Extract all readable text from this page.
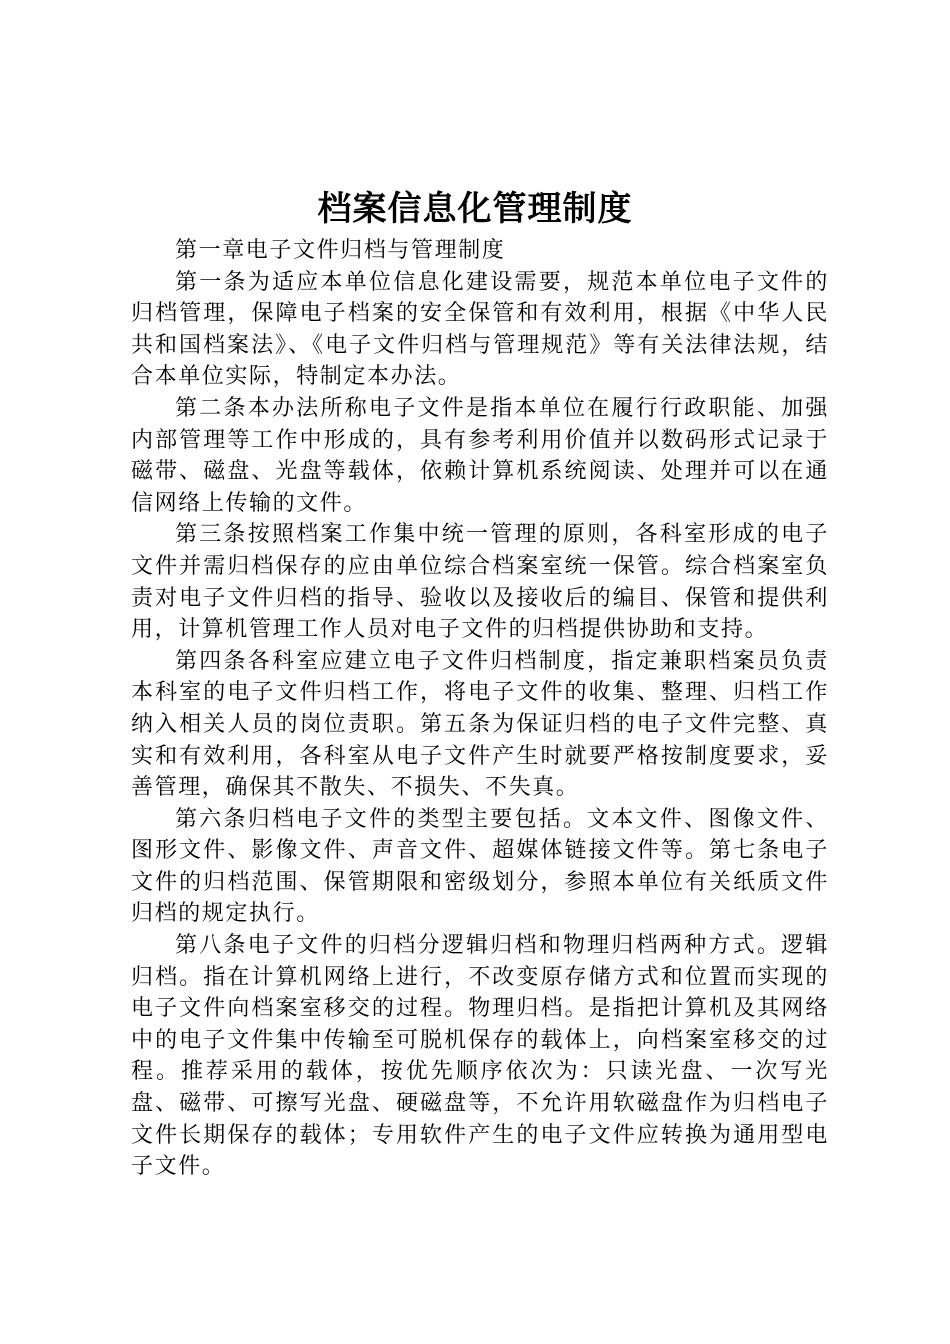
档案信息化管理制度

第一章电子文件归档与管理制度

第一条为适应本单位信息化建设需要，规范本单位电子文件的归档管理，保障电子档案的安全保管和有效利用，根据《中华人民共和国档案法》、《电子文件归档与管理规范》等有关法律法规，结合本单位实际，特制定本办法。

第二条本办法所称电子文件是指本单位在履行行政职能、加强内部管理等工作中形成的，具有参考利用价值并以数码形式记录于磁带、磁盘、光盘等载体，依赖计算机系统阅读、处理并可以在通信网络上传输的文件。

第三条按照档案工作集中统一管理的原则，各科室形成的电子文件并需归档保存的应由单位综合档案室统一保管。综合档案室负责对电子文件归档的指导、验收以及接收后的编目、保管和提供利用，计算机管理工作人员对电子文件的归档提供协助和支持。

第四条各科室应建立电子文件归档制度，指定兼职档案员负责本科室的电子文件归档工作，将电子文件的收集、整理、归档工作纳入相关人员的岗位责职。第五条为保证归档的电子文件完整、真实和有效利用，各科室从电子文件产生时就要严格按制度要求，妥善管理，确保其不散失、不损失、不失真。

第六条归档电子文件的类型主要包括。文本文件、图像文件、图形文件、影像文件、声音文件、超媒体链接文件等。第七条电子文件的归档范围、保管期限和密级划分，参照本单位有关纸质文件归档的规定执行。

第八条电子文件的归档分逻辑归档和物理归档两种方式。逻辑归档。指在计算机网络上进行，不改变原存储方式和位置而实现的电子文件向档案室移交的过程。物理归档。是指把计算机及其网络中的电子文件集中传输至可脱机保存的载体上，向档案室移交的过程。推荐采用的载体，按优先顺序依次为：只读光盘、一次写光盘、磁带、可擦写光盘、硬磁盘等，不允许用软磁盘作为归档电子文件长期保存的载体；专用软件产生的电子文件应转换为通用型电子文件。
